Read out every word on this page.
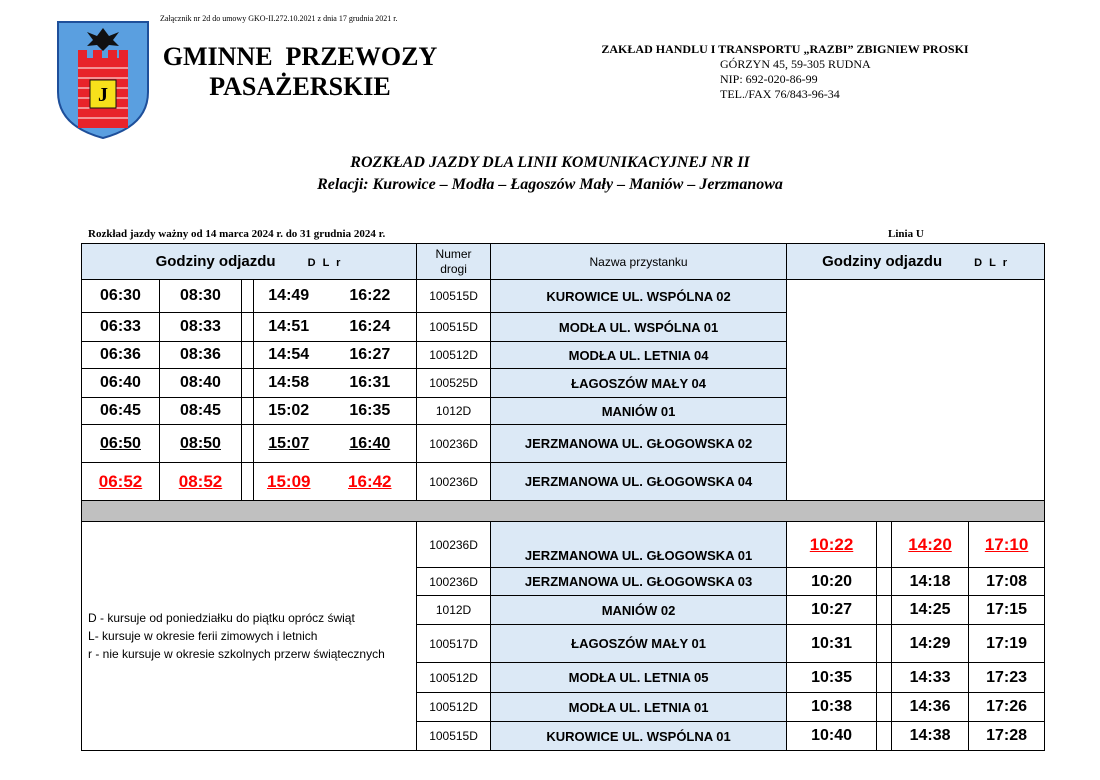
Załącznik nr 2d do umowy GKO-II.272.10.2021 z dnia 17 grudnia 2021 r.
J
GMINNE  PRZEWOZY
PASAŻERSKIE
ZAKŁAD HANDLU I TRANSPORTU „RAZBI” ZBIGNIEW PROSKI
GÓRZYN 45, 59-305 RUDNA
NIP: 692-020-86-99
TEL./FAX 76/843-96-34
ROZKŁAD JAZDY DLA LINII KOMUNIKACYJNEJ NR II
Relacji: Kurowice – Modła – Łagoszów Mały – Maniów – Jerzmanowa
Rozkład jazdy ważny od 14 marca 2024 r. do 31 grudnia 2024 r.	Linia U
Godziny odjazdu D L r					Numer
drogi	Nazwa przystanku	Godziny odjazdu D L r			
06:30	08:30		14:49	16:22	100515D	KUROWICE UL. WSPÓLNA 02				
06:33	08:33		14:51	16:24	100515D	MODŁA UL. WSPÓLNA 01				
06:36	08:36		14:54	16:27	100512D	MODŁA UL. LETNIA 04				
06:40	08:40		14:58	16:31	100525D	ŁAGOSZÓW MAŁY 04				
06:45	08:45		15:02	16:35	1012D	MANIÓW 01				
06:50	08:50		15:07	16:40	100236D	JERZMANOWA UL. GŁOGOWSKA 02				
06:52	08:52		15:09	16:42	100236D	JERZMANOWA UL. GŁOGOWSKA 04				

D - kursuje od poniedziałku do piątku oprócz świąt
L- kursuje w okresie ferii zimowych i letnich
r - nie kursuje w okresie szkolnych przerw świątecznych					100236D	JERZMANOWA UL. GŁOGOWSKA 01	10:22		14:20	17:10
					100236D	JERZMANOWA UL. GŁOGOWSKA 03	10:20		14:18	17:08
					1012D	MANIÓW 02	10:27		14:25	17:15
					100517D	ŁAGOSZÓW MAŁY 01	10:31		14:29	17:19
					100512D	MODŁA UL. LETNIA 05	10:35		14:33	17:23
					100512D	MODŁA UL. LETNIA 01	10:38		14:36	17:26
					100515D	KUROWICE UL. WSPÓLNA 01	10:40		14:38	17:28
